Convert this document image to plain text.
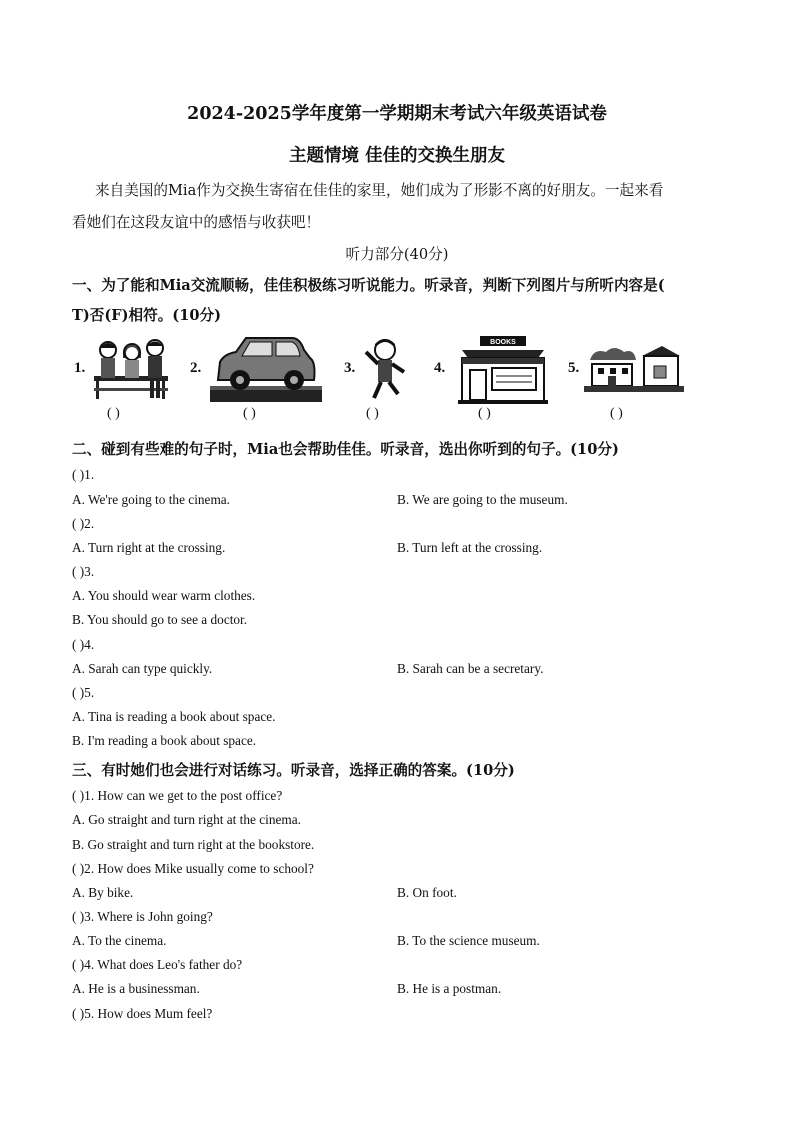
2024-2025学年度第一学期期末考试六年级英语试卷
主题情境 佳佳的交换生朋友
来自美国的Mia作为交换生寄宿在佳佳的家里，她们成为了形影不离的好朋友。一起来看
看她们在这段友谊中的感悟与收获吧！
听力部分(40分)
一、为了能和Mia交流顺畅，佳佳积极练习听说能力。听录音，判断下列图片与所听内容是(
T)否(F)相符。(10分)
1.
( )
2.
( )
3.
( )
4.
BOOKS
( )
5.
( )
二、碰到有些难的句子时，Mia也会帮助佳佳。听录音，选出你听到的句子。(10分)
( )1.
A. We're going to the cinema.	B. We are going to the museum.
( )2.
A. Turn right at the crossing.	B. Turn left at the crossing.
( )3.
A. You should wear warm clothes.
B. You should go to see a doctor.
( )4.
A. Sarah can type quickly.	B. Sarah can be a secretary.
( )5.
A. Tina is reading a book about space.
B. I'm reading a book about space.
三、有时她们也会进行对话练习。听录音，选择正确的答案。(10分)
( )1. How can we get to the post office?
A. Go straight and turn right at the cinema.
B. Go straight and turn right at the bookstore.
( )2. How does Mike usually come to school?
A. By bike.	B. On foot.
( )3. Where is John going?
A. To the cinema.	B. To the science museum.
( )4. What does Leo's father do?
A. He is a businessman.	B. He is a postman.
( )5. How does Mum feel?
